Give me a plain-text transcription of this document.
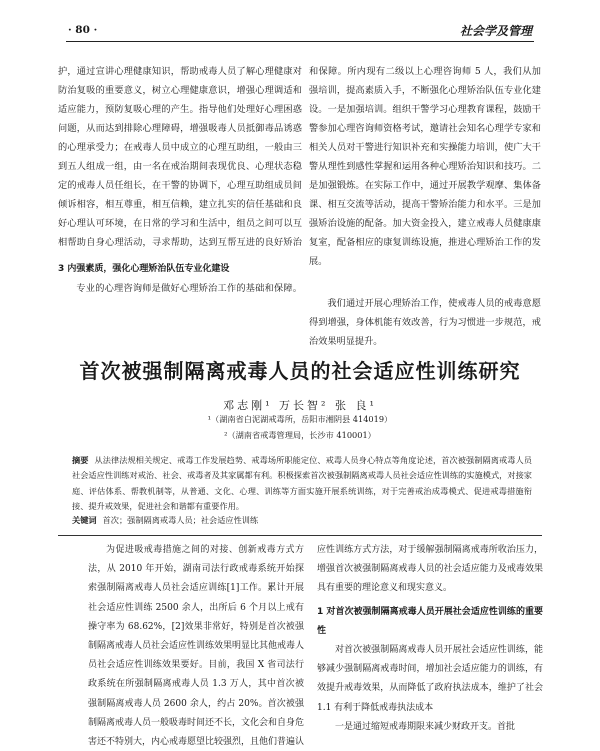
· 80 ·	社会学及管理

护，通过宣讲心理健康知识，帮助戒毒人员了解心理健康对防治复吸的重要意义，树立心理健康意识，增强心理调适和适应能力，预防复吸心理的产生。指导他们处理好心理困惑问题，从而达到排除心理障碍，增强吸毒人员抵御毒品诱惑的心理承受力；在戒毒人员中成立的心理互助组，一般由三到五人组成一组，由一名在戒治期间表现优良、心理状态稳定的戒毒人员任组长，在干警的协调下，心理互助组成员间倾诉相容，相互尊重，相互信赖，建立扎实的信任基础和良好心理认可环境，在日常的学习和生活中，组员之间可以互相帮助自身心理活动，寻求帮助，达到互帮互进的良好矫治

3 内强素质，强化心理矫治队伍专业化建设

专业的心理咨询师是做好心理矫治工作的基础和保障。

和保障。所内现有二级以上心理咨询师 5 人，我们从加强培训，提高素质入手，不断强化心理矫治队伍专业化建设。一是加强培训。组织干警学习心理教育课程，鼓励干警参加心理咨询师资格考试，邀请社会知名心理学专家和相关人员对干警进行知识补充和实操能力培训，使广大干警从理性到感性掌握和运用各种心理矫治知识和技巧。二是加强锻炼。在实际工作中，通过开展教学观摩、集体备课、相互交流等活动，提高干警矫治能力和水平。三是加强矫治设施的配备。加大资金投入，建立戒毒人员健康康复室，配备相应的康复训练设施，推进心理矫治工作的发展。

我们通过开展心理矫治工作，使戒毒人员的戒毒意愿得到增强，身体机能有效改善，行为习惯进一步规范，戒治效果明显提升。

首次被强制隔离戒毒人员的社会适应性训练研究
邓志刚¹ 万长智² 张 良¹
¹（湖南省白泥湖戒毒所，岳阳市湘阴县 414019）
²（湖南省戒毒管理局，长沙市 410001）
摘要 从法律法规相关规定、戒毒工作发展趋势、戒毒场所职能定位、戒毒人员身心特点等角度论述，首次被强制隔离戒毒人员社会适应性训练对戒治、社会、戒毒者及其家属都有利。积极探索首次被强制隔离戒毒人员社会适应性训练的实施模式，对接家庭、评估体系、帮教机制等，从普通、文化、心理、训练等方面实施开展系统训练，对于完善戒治成毒模式、促进戒毒措施衔接、提升戒效果，促进社会和谐都有重要作用。
关键词 首次；强制隔离戒毒人员；社会适应性训练

为促进吸戒毒措施之间的对接、创新戒毒方式方法，从 2010 年开始，湖南司法行政戒毒系统开始探索强制隔离戒毒人员社会适应训练[1]工作。累计开展社会适应性训练 2500 余人，出所后 6 个月以上戒有操守率为 68.62%，[2]效果非常好，特别是首次被强制隔离戒毒人员社会适应性训练效果明显比其他戒毒人员社会适应性训练效果要好。目前，我国 X 省司法行政系统在所强制隔离戒毒人员 1.3 万人，其中首次被强制隔离戒毒人员 2600 余人，约占 20%。首次被强制隔离戒毒人员一般吸毒时间还不长，文化会和自身危害还不特别大，内心戒毒愿望比较强烈，且他们普遍认

应性训练方式方法，对于缓解强制隔离戒毒所收治压力，增强首次被强制隔离戒毒人员的社会适应能力及戒毒效果具有重要的理论意义和现实意义。

1 对首次被强制隔离戒毒人员开展社会适应性训练的重要性

对首次被强制隔离戒毒人员开展社会适应性训练，能够减少强制隔离戒毒时间，增加社会适应能力的训练，有效提升戒毒效果，从而降低了政府执法成本，维护了社会

1.1 有利于降低戒毒执法成本

一是通过缩短戒毒期限来减少财政开支。首批
